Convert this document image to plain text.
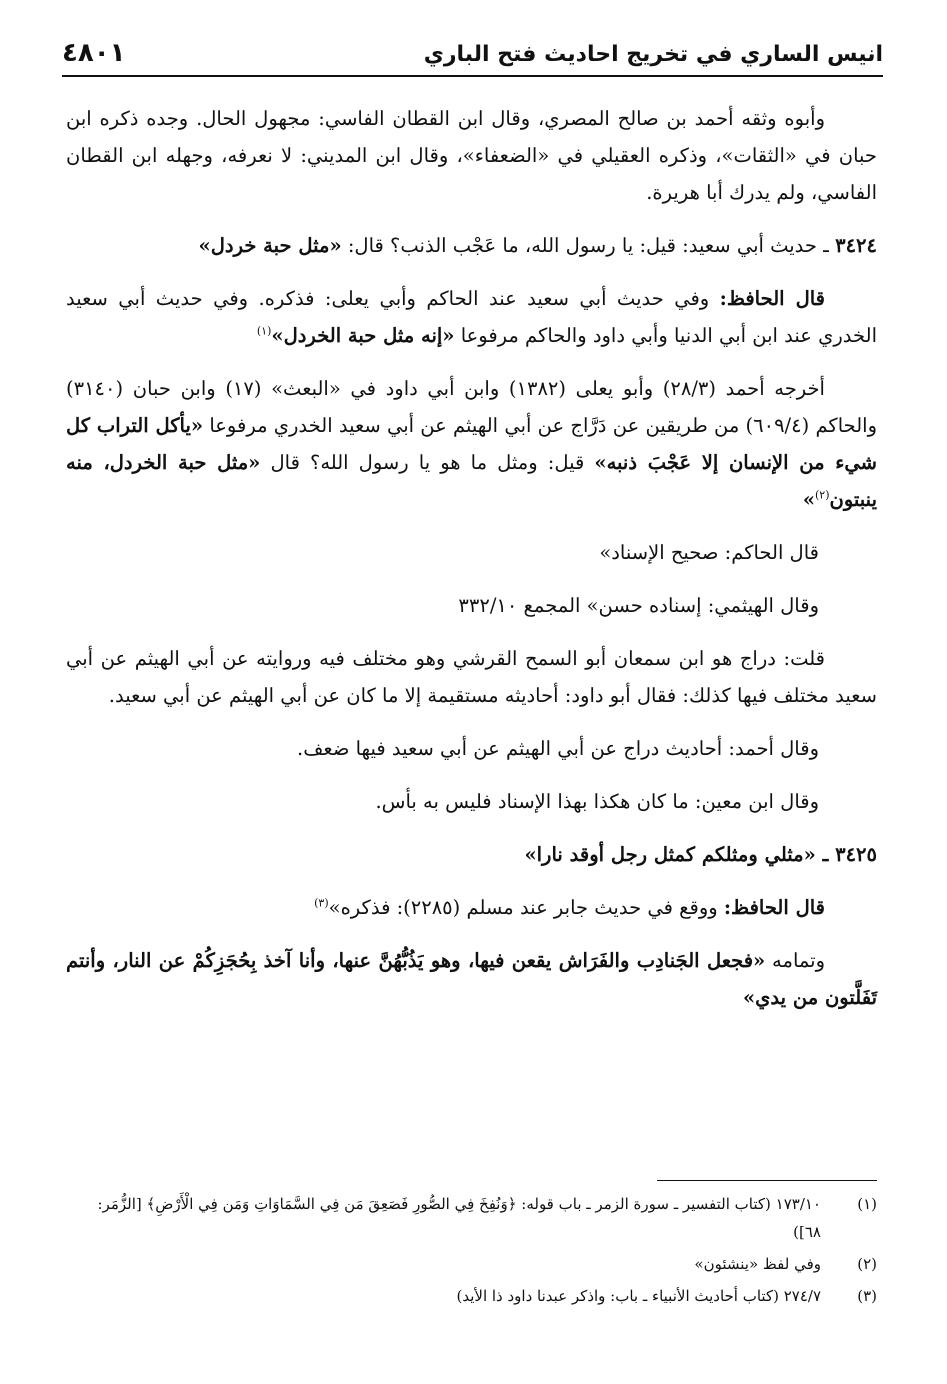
انيس الساري في تخريج احاديث فتح الباري
٤٨٠١

وأبوه وثقه أحمد بن صالح المصري، وقال ابن القطان الفاسي: مجهول الحال. وجده ذكره ابن حبان في «الثقات»، وذكره العقيلي في «الضعفاء»، وقال ابن المديني: لا نعرفه، وجهله ابن القطان الفاسي، ولم يدرك أبا هريرة.

٣٤٢٤ ـ حديث أبي سعيد: قيل: يا رسول الله، ما عَجْب الذنب؟ قال: «مثل حبة خردل»

قال الحافظ: وفي حديث أبي سعيد عند الحاكم وأبي يعلى: فذكره. وفي حديث أبي سعيد الخدري عند ابن أبي الدنيا وأبي داود والحاكم مرفوعا «إنه مثل حبة الخردل»$^{(١)}$

أخرجه أحمد (٢٨/٣) وأبو يعلى (١٣٨٢) وابن أبي داود في «البعث» (١٧) وابن حبان (٣١٤٠) والحاكم (٦٠٩/٤) من طريقين عن دَرَّاج عن أبي الهيثم عن أبي سعيد الخدري مرفوعا «يأكل التراب كل شيء من الإنسان إلا عَجْبَ ذنبه» قيل: ومثل ما هو يا رسول الله؟ قال «مثل حبة الخردل، منه ينبتون$^{(٢)}$»

قال الحاكم: صحيح الإسناد»

وقال الهيثمي: إسناده حسن» المجمع ٣٣٢/١٠

قلت: دراج هو ابن سمعان أبو السمح القرشي وهو مختلف فيه وروايته عن أبي الهيثم عن أبي سعيد مختلف فيها كذلك: فقال أبو داود: أحاديثه مستقيمة إلا ما كان عن أبي الهيثم عن أبي سعيد.

وقال أحمد: أحاديث دراج عن أبي الهيثم عن أبي سعيد فيها ضعف.

وقال ابن معين: ما كان هكذا بهذا الإسناد فليس به بأس.

٣٤٢٥ ـ «مثلي ومثلكم كمثل رجل أوقد نارا»

قال الحافظ: ووقع في حديث جابر عند مسلم (٢٢٨٥): فذكره»$^{(٣)}$

وتمامه «فجعل الجَنادِب والفَرَاش يقعن فيها، وهو يَذُبُّهُنَّ عنها، وأنا آخذ بِحُجَزِكُمْ عن النار، وأنتم تَفَلَّتون من يدي»

(١)
١٧٣/١٠ (كتاب التفسير ـ سورة الزمر ـ باب قوله: ﴿وَنُفِخَ فِي الصُّورِ فَصَعِقَ مَن فِي السَّمَاوَاتِ وَمَن فِي الْأَرْضِ﴾ [الزُّمَر: ٦٨])
(٢)
وفي لفظ «ينشئون»
(٣)
٢٧٤/٧ (كتاب أحاديث الأنبياء ـ باب: واذكر عبدنا داود ذا الأيد)
